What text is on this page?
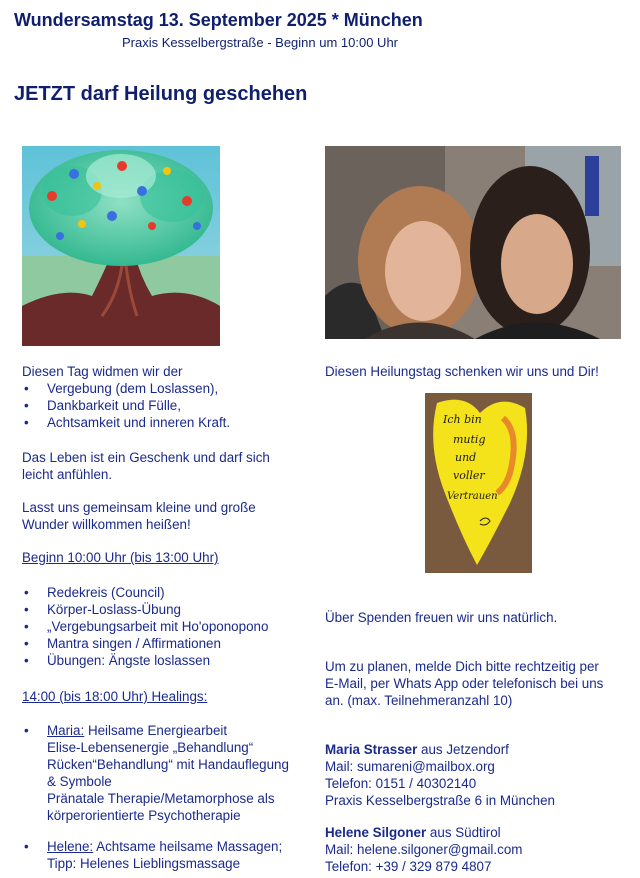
Wundersamstag 13. September 2025 * München
Praxis Kesselbergstraße - Beginn um 10:00 Uhr
JETZT darf Heilung geschehen
Ich bin
mutig
und
voller
Vertrauen
Diesen Tag widmen wir der
• Vergebung (dem Loslassen),
• Dankbarkeit und Fülle,
• Achtsamkeit und inneren Kraft.
Das Leben ist ein Geschenk und darf sich
leicht anfühlen.
Lasst uns gemeinsam kleine und große
Wunder willkommen heißen!
Beginn 10:00 Uhr (bis 13:00 Uhr)
• Redekreis (Council)
• Körper-Loslass-Übung
• „Vergebungsarbeit mit Ho'oponopono
• Mantra singen / Affirmationen
• Übungen: Ängste loslassen
14:00 (bis 18:00 Uhr) Healings:
• Maria: Heilsame Energiearbeit
Elise-Lebensenergie „Behandlung“
Rücken“Behandlung“ mit Handauflegung
& Symbole
Pränatale Therapie/Metamorphose als
körperorientierte Psychotherapie
• Helene: Achtsame heilsame Massagen;
Tipp: Helenes Lieblingsmassage
Diesen Heilungstag schenken wir uns und Dir!
Über Spenden freuen wir uns natürlich.
Um zu planen, melde Dich bitte rechtzeitig per
E-Mail, per Whats App oder telefonisch bei uns
an. (max. Teilnehmeranzahl 10)
Maria Strasser aus Jetzendorf
Mail: sumareni@mailbox.org
Telefon: 0151 / 40302140
Praxis Kesselbergstraße 6 in München
Helene Silgoner aus Südtirol
Mail: helene.silgoner@gmail.com
Telefon: +39 / 329 879 4807
